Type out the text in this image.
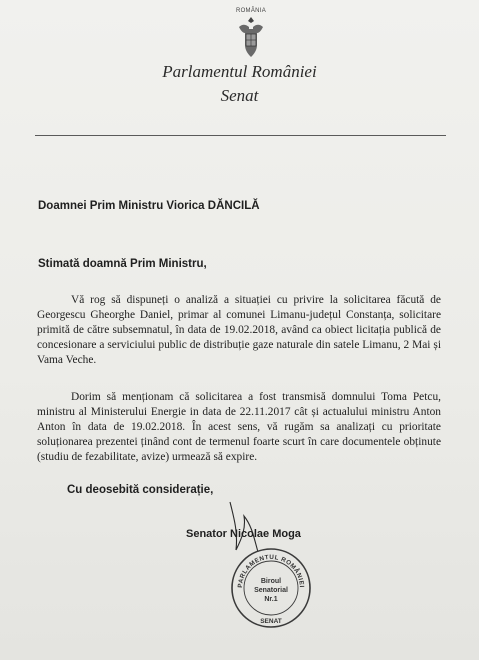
ROMÂNIA
Parlamentul României
Senat
Doamnei Prim Ministru Viorica DĂNCILĂ
Stimată doamnă Prim Ministru,
Vă rog să dispuneți o analiză a situației cu privire la solicitarea făcută de Georgescu Gheorghe Daniel, primar al comunei Limanu-județul Constanța, solicitare primită de către subsemnatul, în data de 19.02.2018, având ca obiect licitația publică de concesionare a serviciului public de distribuție gaze naturale din satele Limanu, 2 Mai și Vama Veche.
Dorim să menționam că solicitarea a fost transmisă domnului Toma Petcu, ministru al Ministerului Energie in data de 22.11.2017 cât și actualului ministru Anton Anton în data de 19.02.2018. În acest sens, vă rugăm sa analizați cu prioritate soluționarea prezentei ținând cont de termenul foarte scurt în care documentele obținute (studiu de fezabilitate, avize) urmează să expire.
Cu deosebită considerație,
Senator Nicolae Moga
PARLAMENTUL ROMÂNIEI
Biroul
Senatorial
Nr.1
SENAT
